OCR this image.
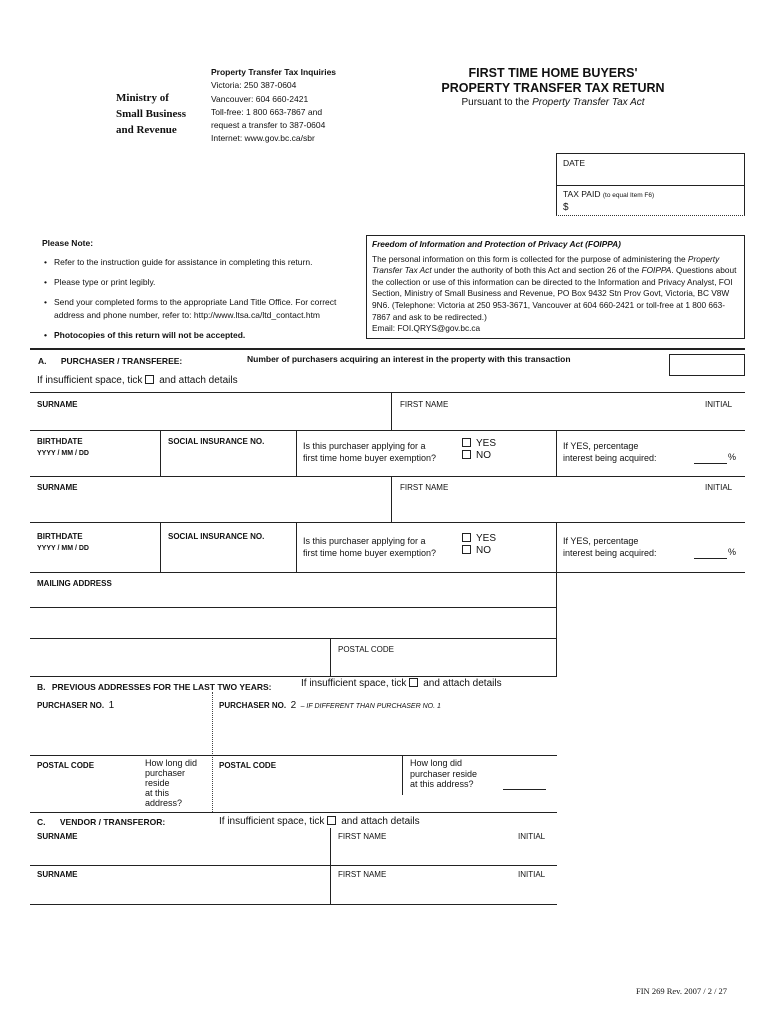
Ministry of
Small Business
and Revenue
Property Transfer Tax Inquiries
Victoria: 250 387-0604
Vancouver: 604 660-2421
Toll-free: 1 800 663-7867 and
request a transfer to 387-0604
Internet: www.gov.bc.ca/sbr
FIRST TIME HOME BUYERS'
PROPERTY TRANSFER TAX RETURN
Pursuant to the Property Transfer Tax Act
DATE
TAX PAID (to equal Item F6)
$
Please Note:
• Refer to the instruction guide for assistance in completing this return.
• Please type or print legibly.
• Send your completed forms to the appropriate Land Title Office. For correct address and phone number, refer to: http://www.ltsa.ca/ltd_contact.htm
• Photocopies of this return will not be accepted.
Freedom of Information and Protection of Privacy Act (FOIPPA)
The personal information on this form is collected for the purpose of administering the Property Transfer Tax Act under the authority of both this Act and section 26 of the FOIPPA. Questions about the collection or use of this information can be directed to the Information and Privacy Analyst, FOI Section, Ministry of Small Business and Revenue, PO Box 9432 Stn Prov Govt, Victoria, BC V8W 9N6. (Telephone: Victoria at 250 953-3671, Vancouver at 604 660-2421 or toll-free at 1 800 663-7867 and ask to be redirected.)
Email: FOI.QRYS@gov.bc.ca
A. PURCHASER / TRANSFEREE:	Number of purchasers acquiring an interest in the property with this transaction
If insufficient space, tick and attach details
SURNAME	FIRST NAME	INITIAL
BIRTHDATE
YYYY / MM / DD
SOCIAL INSURANCE NO.	Is this purchaser applying for a
first time home buyer exemption?
YES
NO
If YES, percentage
interest being acquired:	%
SURNAME	FIRST NAME	INITIAL
BIRTHDATE
YYYY / MM / DD
SOCIAL INSURANCE NO.	Is this purchaser applying for a
first time home buyer exemption?
YES
NO
If YES, percentage
interest being acquired:	%
MAILING ADDRESS
POSTAL CODE
B. PREVIOUS ADDRESSES FOR THE LAST TWO YEARS:	If insufficient space, tick and attach details
PURCHASER NO. 1	PURCHASER NO. 2 – IF DIFFERENT THAN PURCHASER NO. 1
POSTAL CODE	How long did
purchaser
reside
at this
address?
POSTAL CODE	How long did
purchaser reside
at this address?
C. VENDOR / TRANSFEROR:	If insufficient space, tick and attach details
SURNAME	FIRST NAME	INITIAL
SURNAME	FIRST NAME	INITIAL
FIN 269 Rev. 2007 / 2 / 27
